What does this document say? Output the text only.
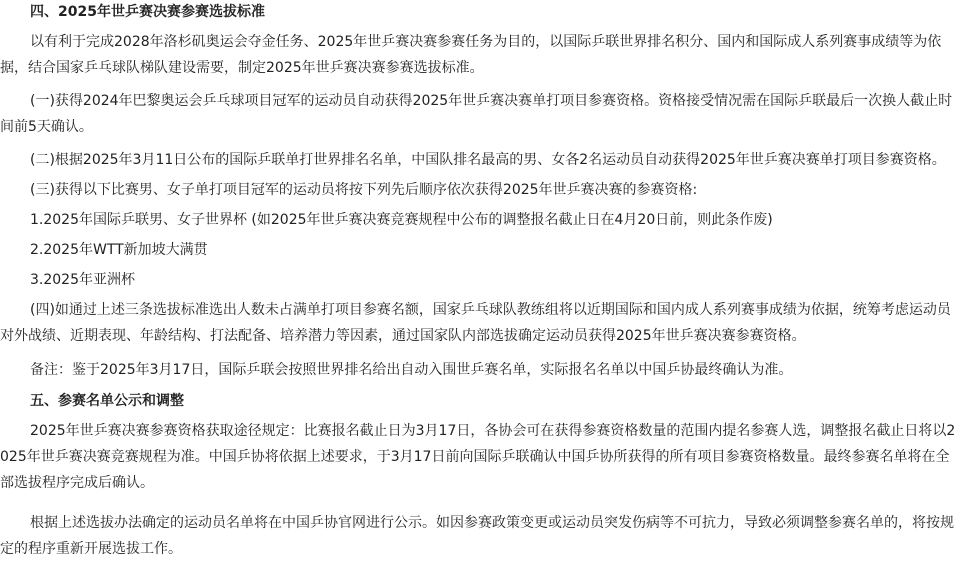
四、2025年世乒赛决赛参赛选拔标准

以有利于完成2028年洛杉矶奥运会夺金任务、2025年世乒赛决赛参赛任务为目的，以国际乒联世界排名积分、国内和国际成人系列赛事成绩等为依据，结合国家乒乓球队梯队建设需要，制定2025年世乒赛决赛参赛选拔标准。

(一)获得2024年巴黎奥运会乒乓球项目冠军的运动员自动获得2025年世乒赛决赛单打项目参赛资格。资格接受情况需在国际乒联最后一次换人截止时间前5天确认。

(二)根据2025年3月11日公布的国际乒联单打世界排名名单，中国队排名最高的男、女各2名运动员自动获得2025年世乒赛决赛单打项目参赛资格。

(三)获得以下比赛男、女子单打项目冠军的运动员将按下列先后顺序依次获得2025年世乒赛决赛的参赛资格:

1.2025年国际乒联男、女子世界杯 (如2025年世乒赛决赛竞赛规程中公布的调整报名截止日在4月20日前，则此条作废)

2.2025年WTT新加坡大满贯

3.2025年亚洲杯

(四)如通过上述三条选拔标准选出人数未占满单打项目参赛名额，国家乒乓球队教练组将以近期国际和国内成人系列赛事成绩为依据，统筹考虑运动员对外战绩、近期表现、年龄结构、打法配备、培养潜力等因素，通过国家队内部选拔确定运动员获得2025年世乒赛决赛参赛资格。

备注：鉴于2025年3月17日，国际乒联会按照世界排名给出自动入围世乒赛名单，实际报名名单以中国乒协最终确认为准。

五、参赛名单公示和调整

2025年世乒赛决赛参赛资格获取途径规定：比赛报名截止日为3月17日，各协会可在获得参赛资格数量的范围内提名参赛人选，调整报名截止日将以2025年世乒赛决赛竞赛规程为准。中国乒协将依据上述要求，于3月17日前向国际乒联确认中国乒协所获得的所有项目参赛资格数量。最终参赛名单将在全部选拔程序完成后确认。

根据上述选拔办法确定的运动员名单将在中国乒协官网进行公示。如因参赛政策变更或运动员突发伤病等不可抗力，导致必须调整参赛名单的，将按规定的程序重新开展选拔工作。
